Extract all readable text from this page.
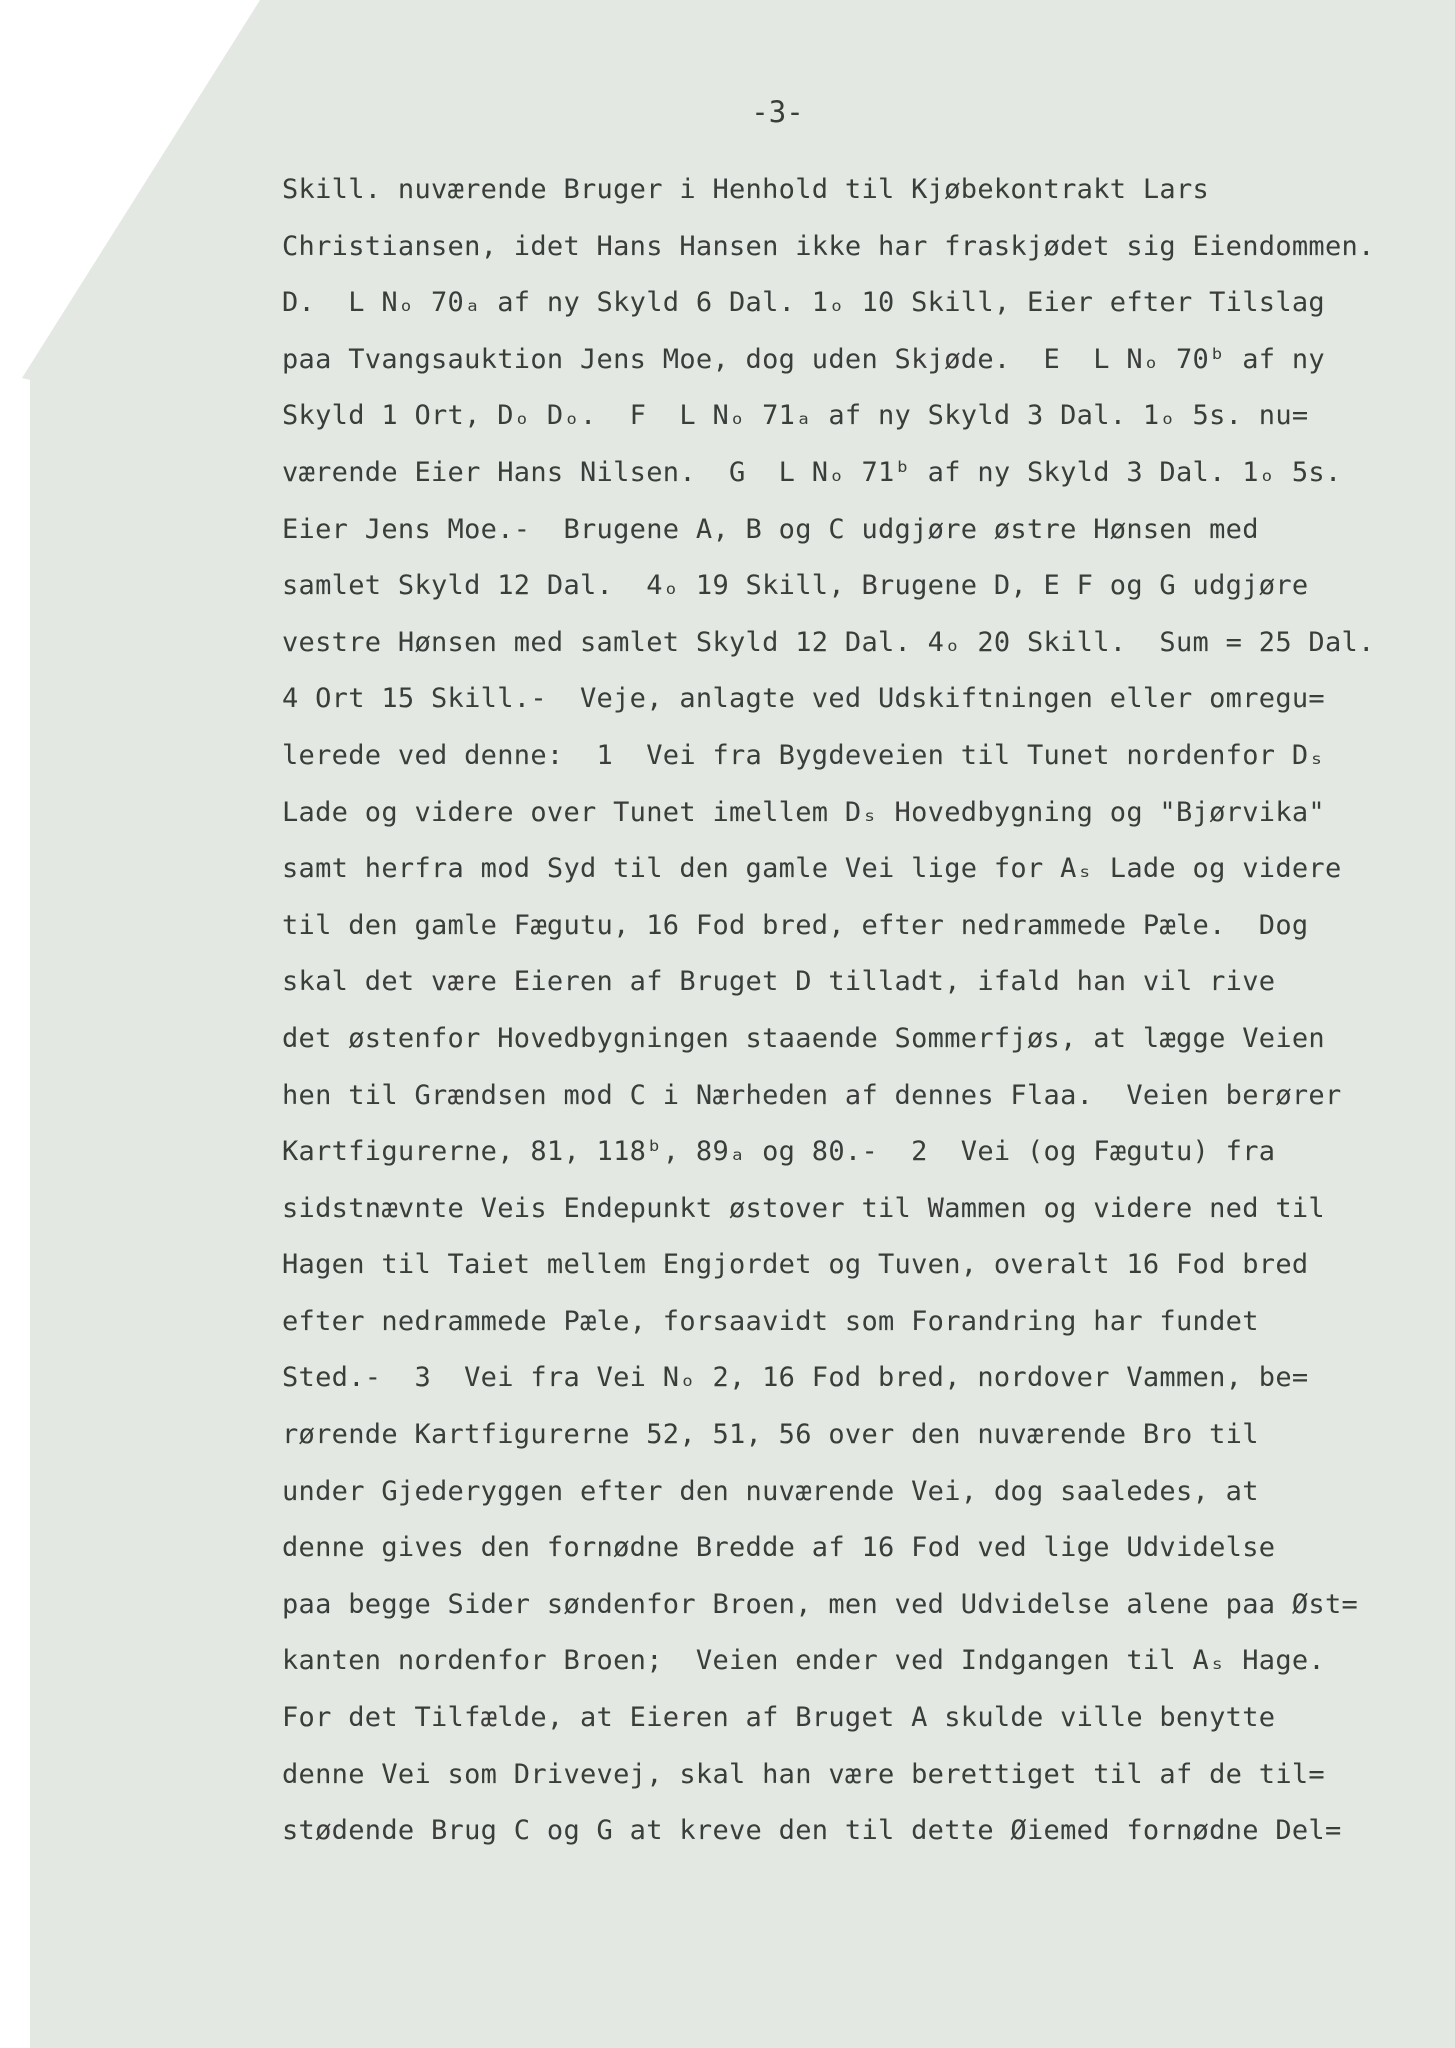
-3-
Skill. nuværende Bruger i Henhold til Kjøbekontrakt Lars
Christiansen, idet Hans Hansen ikke har fraskjødet sig Eiendommen.
D.  L Nₒ 70ₐ af ny Skyld 6 Dal. 1ₒ 10 Skill, Eier efter Tilslag
paa Tvangsauktion Jens Moe, dog uden Skjøde.  E  L Nₒ 70ᵇ af ny
Skyld 1 Ort, Dₒ Dₒ.  F  L Nₒ 71ₐ af ny Skyld 3 Dal. 1ₒ 5s. nu=
værende Eier Hans Nilsen.  G  L Nₒ 71ᵇ af ny Skyld 3 Dal. 1ₒ 5s.
Eier Jens Moe.-  Brugene A, B og C udgjøre østre Hønsen med
samlet Skyld 12 Dal.  4ₒ 19 Skill, Brugene D, E F og G udgjøre
vestre Hønsen med samlet Skyld 12 Dal. 4ₒ 20 Skill.  Sum = 25 Dal.
4 Ort 15 Skill.-  Veje, anlagte ved Udskiftningen eller omregu=
lerede ved denne:  1  Vei fra Bygdeveien til Tunet nordenfor Dₛ
Lade og videre over Tunet imellem Dₛ Hovedbygning og "Bjørvika"
samt herfra mod Syd til den gamle Vei lige for Aₛ Lade og videre
til den gamle Fægutu, 16 Fod bred, efter nedrammede Pæle.  Dog
skal det være Eieren af Bruget D tilladt, ifald han vil rive
det østenfor Hovedbygningen staaende Sommerfjøs, at lægge Veien
hen til Grændsen mod C i Nærheden af dennes Flaa.  Veien berører
Kartfigurerne, 81, 118ᵇ, 89ₐ og 80.-  2  Vei (og Fægutu) fra
sidstnævnte Veis Endepunkt østover til Wammen og videre ned til
Hagen til Taiet mellem Engjordet og Tuven, overalt 16 Fod bred
efter nedrammede Pæle, forsaavidt som Forandring har fundet
Sted.-  3  Vei fra Vei Nₒ 2, 16 Fod bred, nordover Vammen, be=
rørende Kartfigurerne 52, 51, 56 over den nuværende Bro til
under Gjederyggen efter den nuværende Vei, dog saaledes, at
denne gives den fornødne Bredde af 16 Fod ved lige Udvidelse
paa begge Sider søndenfor Broen, men ved Udvidelse alene paa Øst=
kanten nordenfor Broen;  Veien ender ved Indgangen til Aₛ Hage.
For det Tilfælde, at Eieren af Bruget A skulde ville benytte
denne Vei som Drivevej, skal han være berettiget til af de til=
stødende Brug C og G at kreve den til dette Øiemed fornødne Del=
